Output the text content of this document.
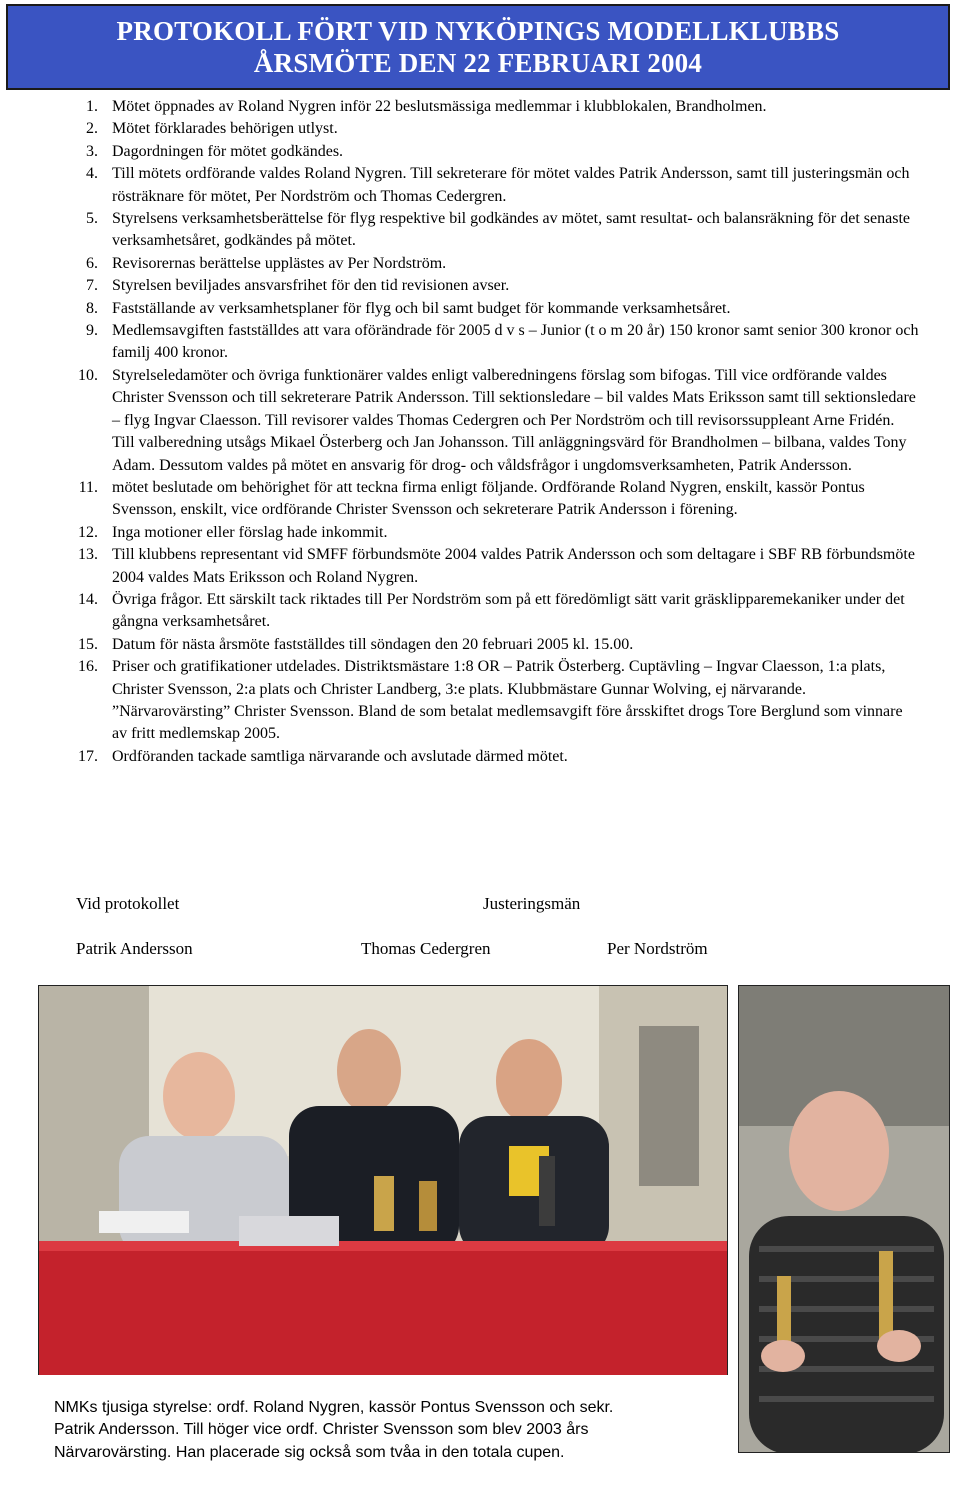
PROTOKOLL FÖRT VID NYKÖPINGS MODELLKLUBBS
ÅRSMÖTE DEN 22 FEBRUARI 2004
1. Mötet öppnades av Roland Nygren inför 22 beslutsmässiga medlemmar i klubblokalen, Brandholmen.
2. Mötet förklarades behörigen utlyst.
3. Dagordningen för mötet godkändes.
4. Till mötets ordförande valdes Roland Nygren. Till sekreterare för mötet valdes Patrik Andersson, samt till justeringsmän och rösträknare för mötet, Per Nordström och Thomas Cedergren.
5. Styrelsens verksamhetsberättelse för flyg respektive bil godkändes av mötet, samt resultat- och balansräkning för det senaste verksamhetsåret, godkändes på mötet.
6. Revisorernas berättelse upplästes av Per Nordström.
7. Styrelsen beviljades ansvarsfrihet för den tid revisionen avser.
8. Fastställande av verksamhetsplaner för flyg och bil samt budget för kommande verksamhetsåret.
9. Medlemsavgiften fastställdes att vara oförändrade för 2005 d v s – Junior (t o m 20 år) 150 kronor samt senior 300 kronor och familj 400 kronor.
10. Styrelseledamöter och övriga funktionärer valdes enligt valberedningens förslag som bifogas. Till vice ordförande valdes Christer Svensson och till sekreterare Patrik Andersson. Till sektionsledare – bil valdes Mats Eriksson samt till sektionsledare – flyg Ingvar Claesson. Till revisorer valdes Thomas Cedergren och Per Nordström och till revisorssuppleant Arne Fridén. Till valberedning utsågs Mikael Österberg och Jan Johansson. Till anläggningsvärd för Brandholmen – bilbana, valdes Tony Adam. Dessutom valdes på mötet en ansvarig för drog- och våldsfrågor i ungdomsverksamheten, Patrik Andersson.
11. mötet beslutade om behörighet för att teckna firma enligt följande. Ordförande Roland Nygren, enskilt, kassör Pontus Svensson, enskilt, vice ordförande Christer Svensson och sekreterare Patrik Andersson i förening.
12. Inga motioner eller förslag hade inkommit.
13. Till klubbens representant vid SMFF förbundsmöte 2004 valdes Patrik Andersson och som deltagare i SBF RB förbundsmöte 2004 valdes Mats Eriksson och Roland Nygren.
14. Övriga frågor. Ett särskilt tack riktades till Per Nordström som på ett föredömligt sätt varit gräsklipparemekaniker under det gångna verksamhetsåret.
15. Datum för nästa årsmöte fastställdes till söndagen den 20 februari 2005 kl. 15.00.
16. Priser och gratifikationer utdelades. Distriktsmästare 1:8 OR – Patrik Österberg. Cuptävling – Ingvar Claesson, 1:a plats, Christer Svensson, 2:a plats och Christer Landberg, 3:e plats. Klubbmästare Gunnar Wolving, ej närvarande. ”Närvarovärsting” Christer Svensson. Bland de som betalat medlemsavgift före årsskiftet drogs Tore Berglund som vinnare av fritt medlemskap 2005.
17. Ordföranden tackade samtliga närvarande och avslutade därmed mötet.
Vid protokollet	Justeringsmän
Patrik Andersson	Thomas Cedergren	Per Nordström
NMKs tjusiga styrelse: ordf. Roland Nygren, kassör Pontus Svensson och sekr. Patrik Andersson. Till höger vice ordf. Christer Svensson som blev 2003 års Närvarovärsting. Han placerade sig också som tvåa in den totala cupen.
